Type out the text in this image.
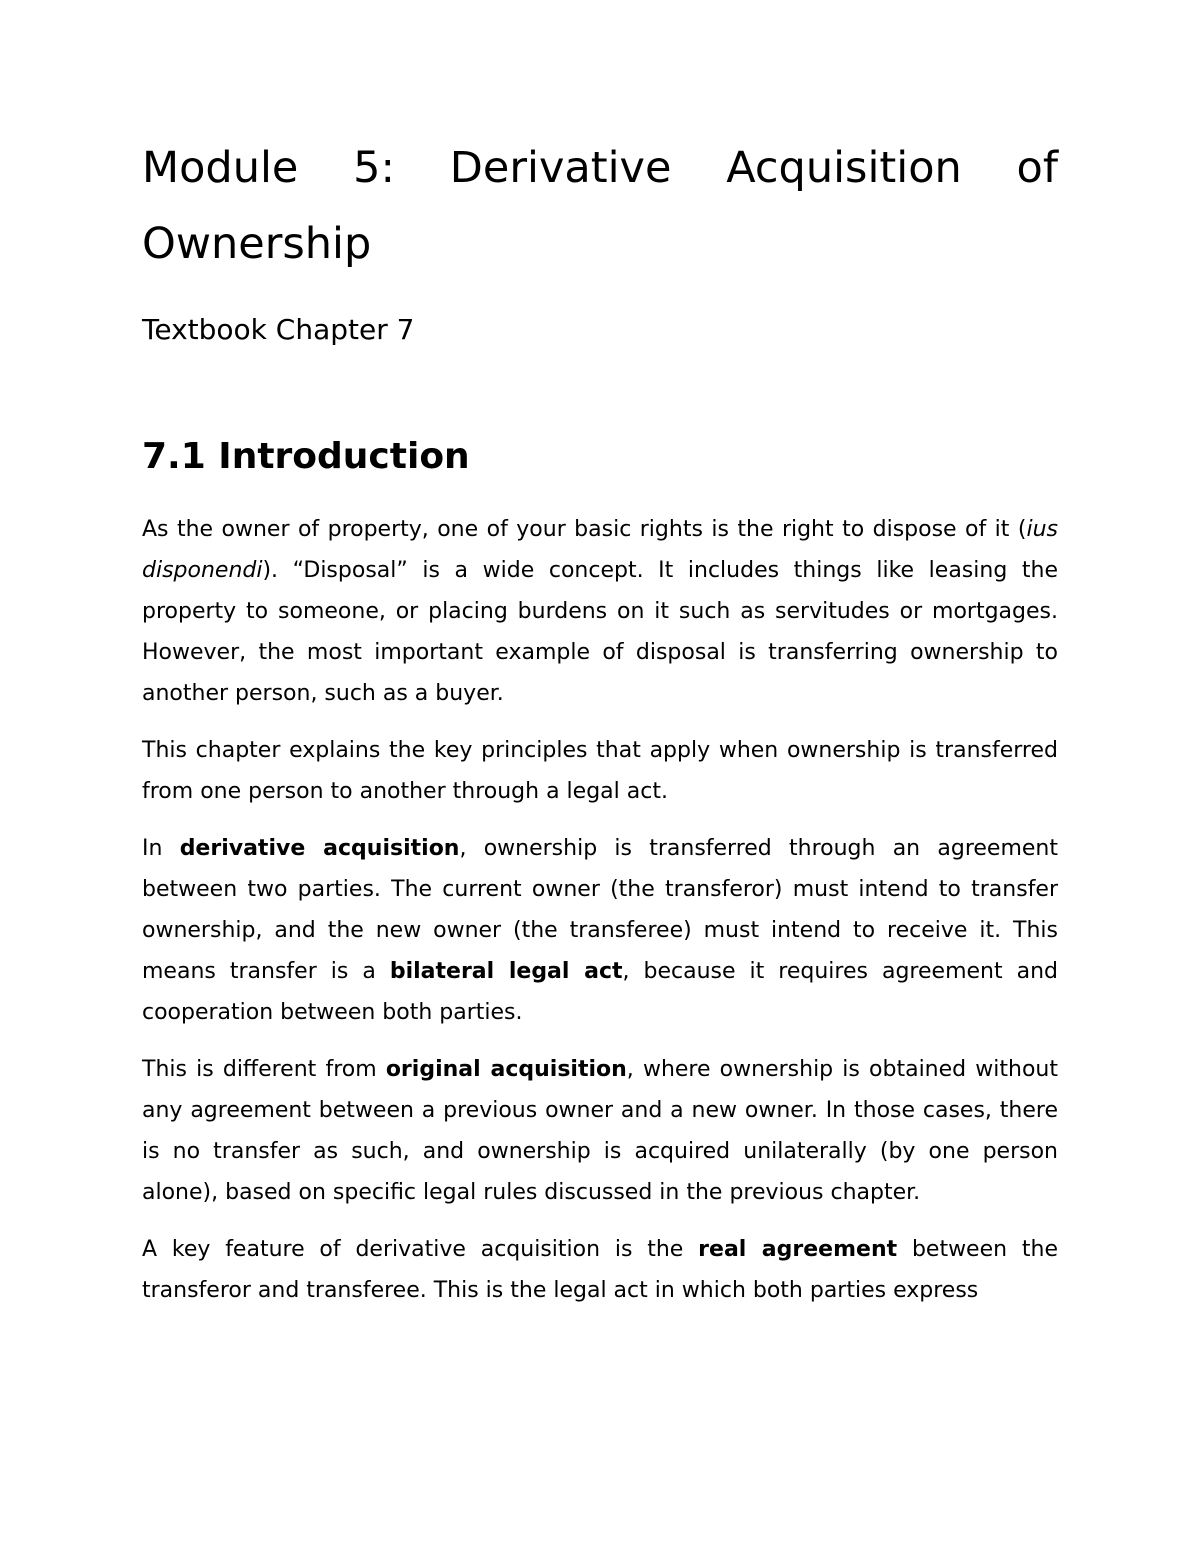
Module 5: Derivative Acquisition of
Ownership
Textbook Chapter 7
7.1 Introduction

As the owner of property, one of your basic rights is the right to dispose of it (ius disponendi). “Disposal” is a wide concept. It includes things like leasing the property to someone, or placing burdens on it such as servitudes or mortgages. However, the most important example of disposal is transferring ownership to another person, such as a buyer.

This chapter explains the key principles that apply when ownership is transferred from one person to another through a legal act.

In derivative acquisition, ownership is transferred through an agreement between two parties. The current owner (the transferor) must intend to transfer ownership, and the new owner (the transferee) must intend to receive it. This means transfer is a bilateral legal act, because it requires agreement and cooperation between both parties.

This is different from original acquisition, where ownership is obtained without any agreement between a previous owner and a new owner. In those cases, there is no transfer as such, and ownership is acquired unilaterally (by one person alone), based on specific legal rules discussed in the previous chapter.

A key feature of derivative acquisition is the real agreement between the transferor and transferee. This is the legal act in which both parties express
